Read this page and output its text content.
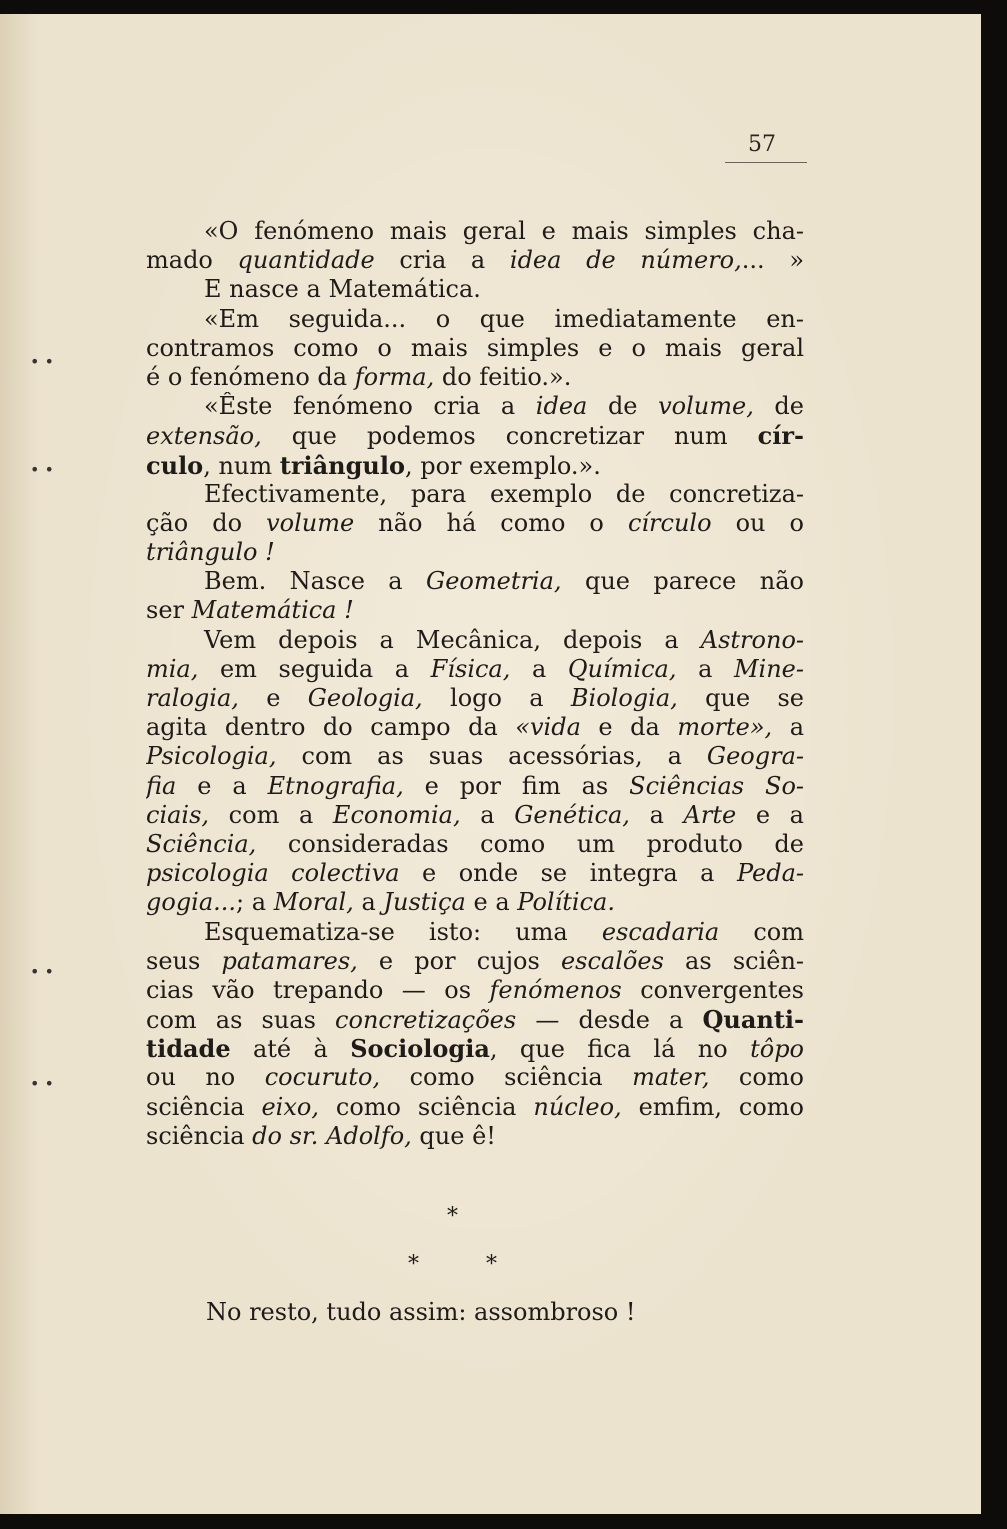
57
«O fenómeno mais geral e mais simples cha-
mado quantidade cria a idea de número,... »
E nasce a Matemática.
«Em seguida... o que imediatamente en-
contramos como o mais simples e o mais geral
é o fenómeno da forma, do feitio.».
«Êste fenómeno cria a idea de volume, de
extensão, que podemos concretizar num cír-
culo, num triângulo, por exemplo.».
Efectivamente, para exemplo de concretiza-
ção do volume não há como o círculo ou o
triângulo !
Bem. Nasce a Geometria, que parece não
ser Matemática !
Vem depois a Mecânica, depois a Astrono-
mia, em seguida a Física, a Química, a Mine-
ralogia, e Geologia, logo a Biologia, que se
agita dentro do campo da «vida e da morte», a
Psicologia, com as suas acessórias, a Geogra-
fia e a Etnografia, e por fim as Sciências So-
ciais, com a Economia, a Genética, a Arte e a
Sciência, consideradas como um produto de
psicologia colectiva e onde se integra a Peda-
gogia...; a Moral, a Justiça e a Política.
Esquematiza-se isto: uma escadaria com
seus patamares, e por cujos escalões as sciên-
cias vão trepando — os fenómenos convergentes
com as suas concretizações — desde a Quanti-
tidade até à Sociologia, que fica lá no tôpo
ou no cocuruto, como sciência mater, como
sciência eixo, como sciência núcleo, emfim, como
sciência do sr. Adolfo, que ê!
*
* *
No resto, tudo assim: assombroso !
• •
• •
• •
• •
